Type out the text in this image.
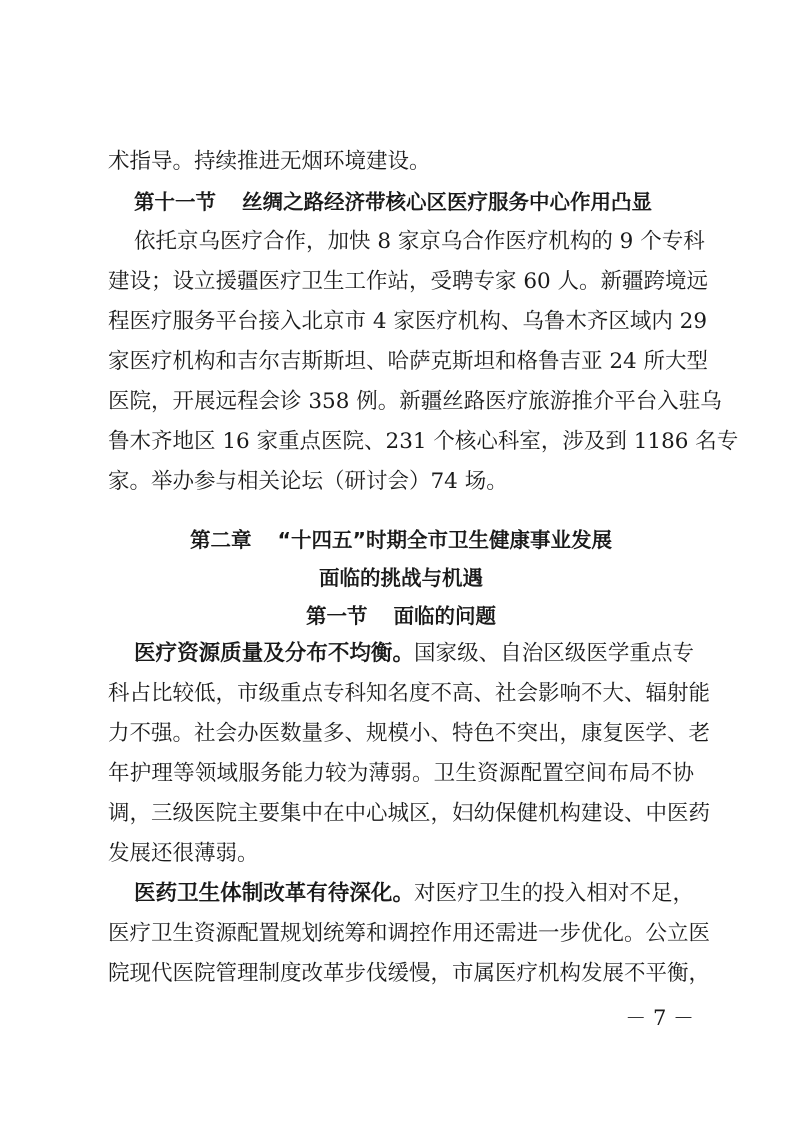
术指导。持续推进无烟环境建设。
第十一节 丝绸之路经济带核心区医疗服务中心作用凸显
依托京乌医疗合作，加快 8 家京乌合作医疗机构的 9 个专科
建设；设立援疆医疗卫生工作站，受聘专家 60 人。新疆跨境远
程医疗服务平台接入北京市 4 家医疗机构、乌鲁木齐区域内 29
家医疗机构和吉尔吉斯斯坦、哈萨克斯坦和格鲁吉亚 24 所大型
医院，开展远程会诊 358 例。新疆丝路医疗旅游推介平台入驻乌
鲁木齐地区 16 家重点医院、231 个核心科室，涉及到 1186 名专
家。举办参与相关论坛（研讨会）74 场。
第二章 “十四五”时期全市卫生健康事业发展
面临的挑战与机遇
第一节 面临的问题
医疗资源质量及分布不均衡。国家级、自治区级医学重点专
科占比较低，市级重点专科知名度不高、社会影响不大、辐射能
力不强。社会办医数量多、规模小、特色不突出，康复医学、老
年护理等领域服务能力较为薄弱。卫生资源配置空间布局不协
调，三级医院主要集中在中心城区，妇幼保健机构建设、中医药
发展还很薄弱。
医药卫生体制改革有待深化。对医疗卫生的投入相对不足，
医疗卫生资源配置规划统筹和调控作用还需进一步优化。公立医
院现代医院管理制度改革步伐缓慢，市属医疗机构发展不平衡，
－ 7 －
